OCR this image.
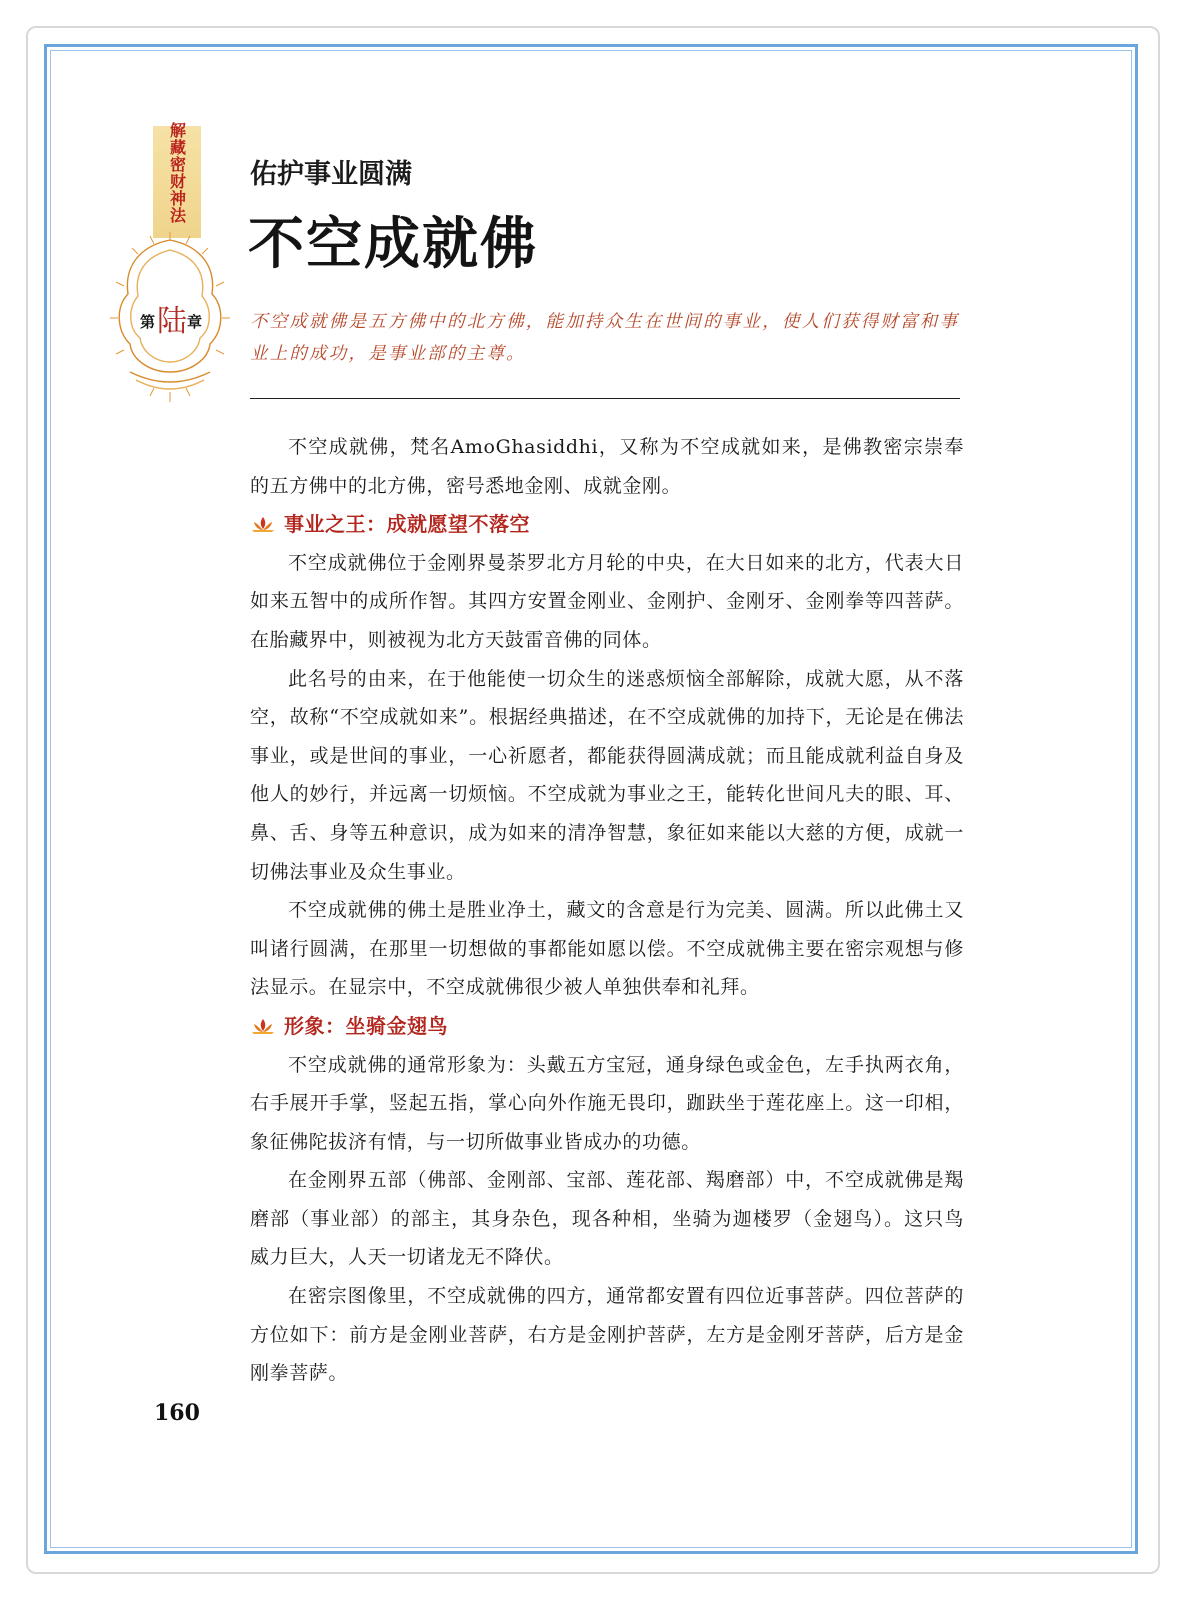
解藏密财神法
第 陆 章
佑护事业圆满
不空成就佛
不空成就佛是五方佛中的北方佛，能加持众生在世间的事业，使人们获得财富和事业上的成功，是事业部的主尊。

不空成就佛，梵名AmoGhasiddhi，又称为不空成就如来，是佛教密宗崇奉的五方佛中的北方佛，密号悉地金刚、成就金刚。

事业之王：成就愿望不落空

不空成就佛位于金刚界曼荼罗北方月轮的中央，在大日如来的北方，代表大日如来五智中的成所作智。其四方安置金刚业、金刚护、金刚牙、金刚拳等四菩萨。在胎藏界中，则被视为北方天鼓雷音佛的同体。

此名号的由来，在于他能使一切众生的迷惑烦恼全部解除，成就大愿，从不落空，故称“不空成就如来”。根据经典描述，在不空成就佛的加持下，无论是在佛法事业，或是世间的事业，一心祈愿者，都能获得圆满成就；而且能成就利益自身及他人的妙行，并远离一切烦恼。不空成就为事业之王，能转化世间凡夫的眼、耳、鼻、舌、身等五种意识，成为如来的清净智慧，象征如来能以大慈的方便，成就一切佛法事业及众生事业。

不空成就佛的佛土是胜业净土，藏文的含意是行为完美、圆满。所以此佛土又叫诸行圆满，在那里一切想做的事都能如愿以偿。不空成就佛主要在密宗观想与修法显示。在显宗中，不空成就佛很少被人单独供奉和礼拜。

形象：坐骑金翅鸟

不空成就佛的通常形象为：头戴五方宝冠，通身绿色或金色，左手执两衣角，右手展开手掌，竖起五指，掌心向外作施无畏印，跏趺坐于莲花座上。这一印相，象征佛陀拔济有情，与一切所做事业皆成办的功德。

在金刚界五部（佛部、金刚部、宝部、莲花部、羯磨部）中，不空成就佛是羯磨部（事业部）的部主，其身杂色，现各种相，坐骑为迦楼罗（金翅鸟）。这只鸟威力巨大，人天一切诸龙无不降伏。

在密宗图像里，不空成就佛的四方，通常都安置有四位近事菩萨。四位菩萨的方位如下：前方是金刚业菩萨，右方是金刚护菩萨，左方是金刚牙菩萨，后方是金刚拳菩萨。

160
